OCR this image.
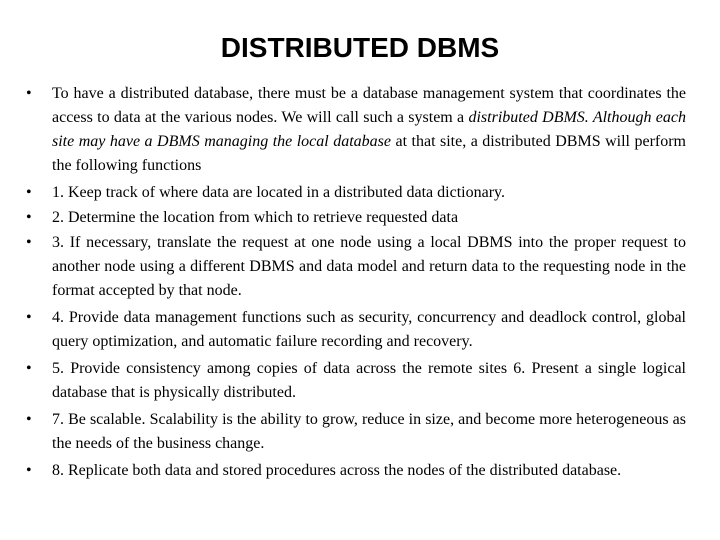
DISTRIBUTED DBMS
•	To have a distributed database, there must be a database management system that coordinates the access to data at the various nodes. We will call such a system a distributed DBMS. Although each site may have a DBMS managing the local database at that site, a distributed DBMS will perform the following functions
•	1. Keep track of where data are located in a distributed data dictionary.
•	2. Determine the location from which to retrieve requested data
•	3. If necessary, translate the request at one node using a local DBMS into the proper request to another node using a different DBMS and data model and return data to the requesting node in the format accepted by that node.
•	4. Provide data management functions such as security, concurrency and deadlock control, global query optimization, and automatic failure recording and recovery.
•	5. Provide consistency among copies of data across the remote sites 6. Present a single logical database that is physically distributed.
•	7. Be scalable. Scalability is the ability to grow, reduce in size, and become more heterogeneous as the needs of the business change.
•	8. Replicate both data and stored procedures across the nodes of the distributed database.
